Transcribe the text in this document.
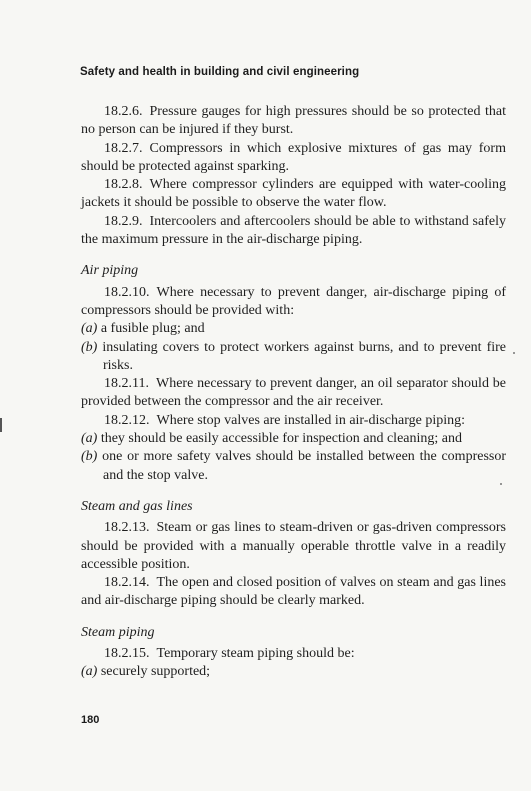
Safety and health in building and civil engineering

18.2.6.  Pressure gauges for high pressures should be so protected that no person can be injured if they burst.

18.2.7.  Compressors in which explosive mixtures of gas may form should be protected against sparking.

18.2.8.  Where compressor cylinders are equipped with water-cooling jackets it should be possible to observe the water flow.

18.2.9.  Intercoolers and aftercoolers should be able to withstand safely the maximum pressure in the air-discharge piping.

Air piping

18.2.10.  Where necessary to prevent danger, air-discharge piping of compressors should be provided with:

(a) a fusible plug; and

(b) insulating covers to protect workers against burns, and to prevent fire risks.

18.2.11.  Where necessary to prevent danger, an oil separator should be provided between the compressor and the air receiver.

18.2.12.  Where stop valves are installed in air-discharge piping:

(a) they should be easily accessible for inspection and cleaning; and

(b) one or more safety valves should be installed between the compressor and the stop valve.

Steam and gas lines

18.2.13.  Steam or gas lines to steam-driven or gas-driven compressors should be provided with a manually operable throttle valve in a readily accessible position.

18.2.14.  The open and closed position of valves on steam and gas lines and air-discharge piping should be clearly marked.

Steam piping

18.2.15.  Temporary steam piping should be:

(a) securely supported;

180
